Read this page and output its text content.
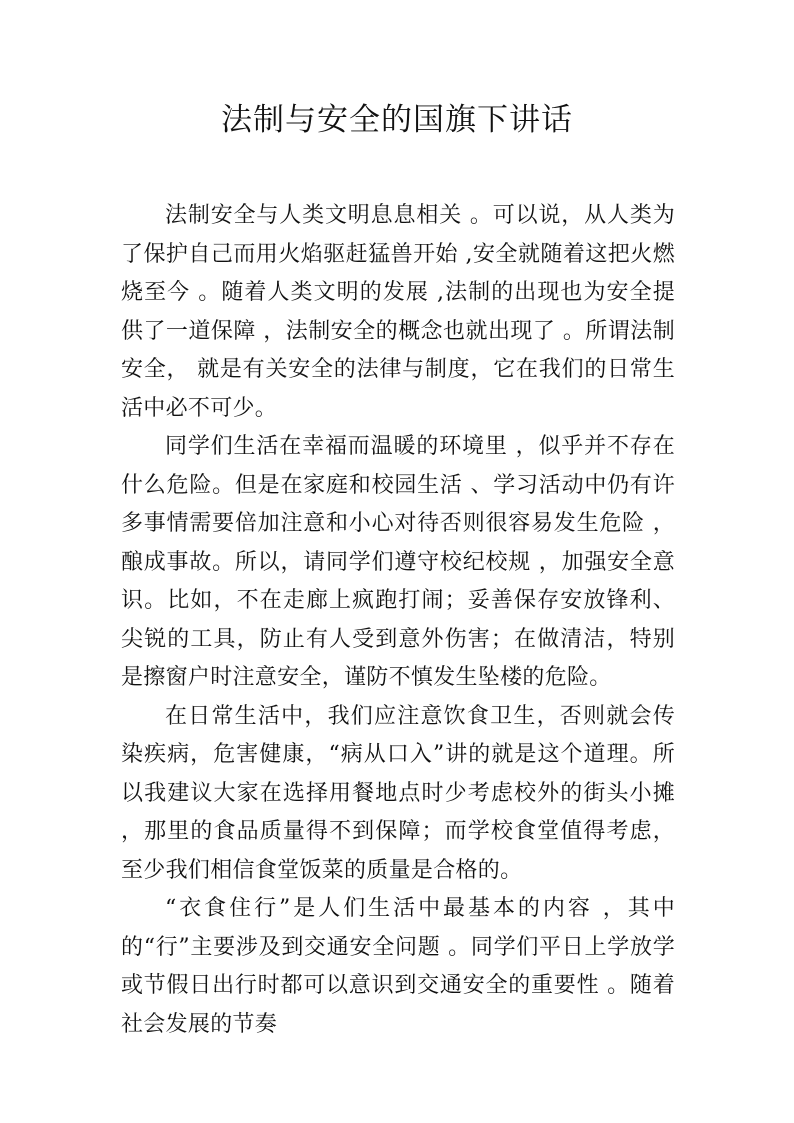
法制与安全的国旗下讲话

法制安全与人类文明息息相关 。可以说，从人类为了保护自己而用火焰驱赶猛兽开始 ,安全就随着这把火燃烧至今 。随着人类文明的发展 ,法制的出现也为安全提供了一道保障 ，法制安全的概念也就出现了 。所谓法制安全， 就是有关安全的法律与制度，它在我们的日常生活中必不可少。

同学们生活在幸福而温暖的环境里 ，似乎并不存在什么危险。但是在家庭和校园生活 、学习活动中仍有许多事情需要倍加注意和小心对待否则很容易发生危险 ，酿成事故。所以，请同学们遵守校纪校规 ，加强安全意识。比如，不在走廊上疯跑打闹；妥善保存安放锋利、尖锐的工具，防止有人受到意外伤害；在做清洁，特别是擦窗户时注意安全，谨防不慎发生坠楼的危险。

在日常生活中，我们应注意饮食卫生，否则就会传染疾病，危害健康，“病从口入”讲的就是这个道理。所以我建议大家在选择用餐地点时少考虑校外的街头小摊 ，那里的食品质量得不到保障；而学校食堂值得考虑，至少我们相信食堂饭菜的质量是合格的。

“衣食住行”是人们生活中最基本的内容 ，其中的“行”主要涉及到交通安全问题 。同学们平日上学放学或节假日出行时都可以意识到交通安全的重要性 。随着社会发展的节奏
